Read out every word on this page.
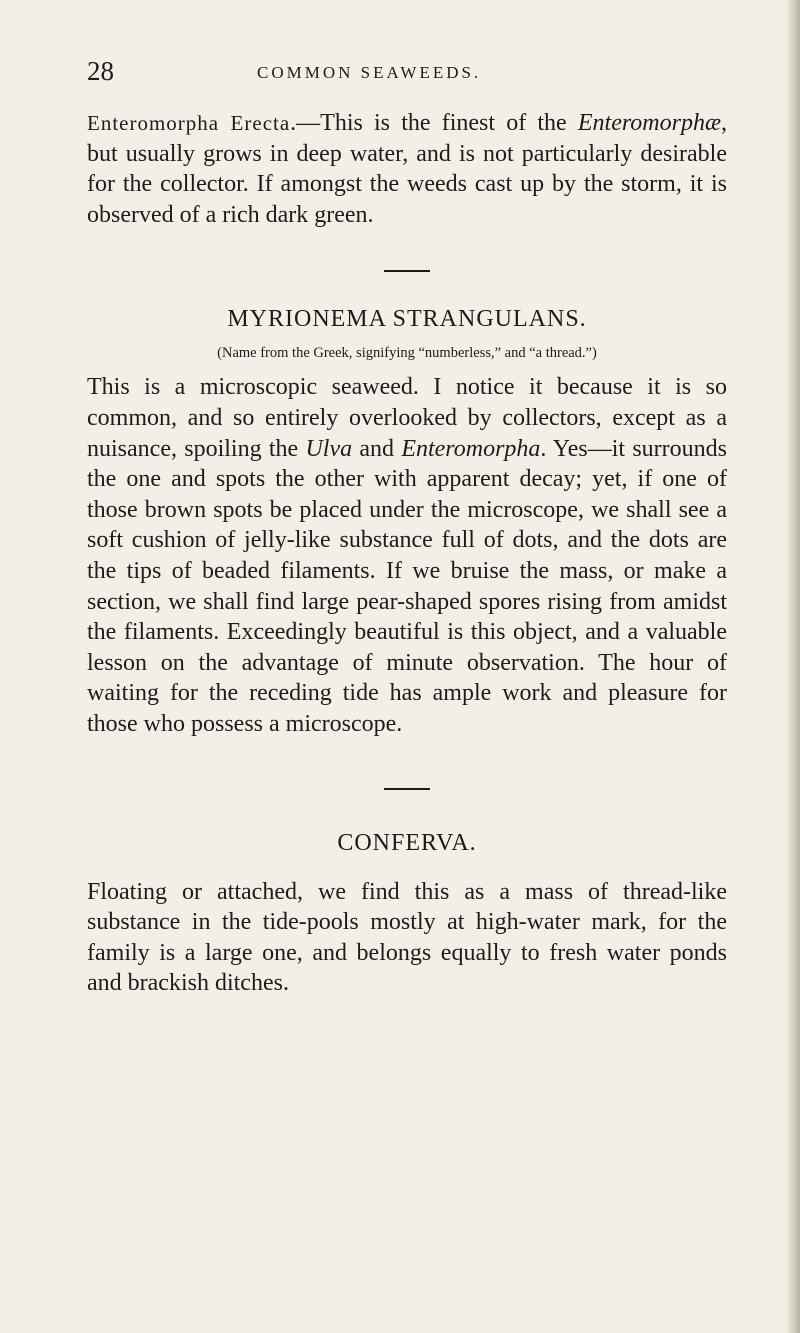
28	COMMON SEAWEEDS.

Enteromorpha Erecta.—This is the finest of the Enteromorphæ, but usually grows in deep water, and is not particularly desirable for the collector. If amongst the weeds cast up by the storm, it is observed of a rich dark green.

MYRIONEMA STRANGULANS.
(Name from the Greek, signifying “numberless,” and “a thread.”)

This is a microscopic seaweed. I notice it because it is so common, and so entirely overlooked by collectors, except as a nuisance, spoiling the Ulva and Enteromorpha. Yes—it surrounds the one and spots the other with apparent decay; yet, if one of those brown spots be placed under the microscope, we shall see a soft cushion of jelly-like substance full of dots, and the dots are the tips of beaded filaments. If we bruise the mass, or make a section, we shall find large pear-shaped spores rising from amidst the filaments. Exceedingly beautiful is this object, and a valuable lesson on the advantage of minute observation. The hour of waiting for the receding tide has ample work and pleasure for those who possess a microscope.

CONFERVA.

Floating or attached, we find this as a mass of thread-like substance in the tide-pools mostly at high-water mark, for the family is a large one, and belongs equally to fresh water ponds and brackish ditches.
